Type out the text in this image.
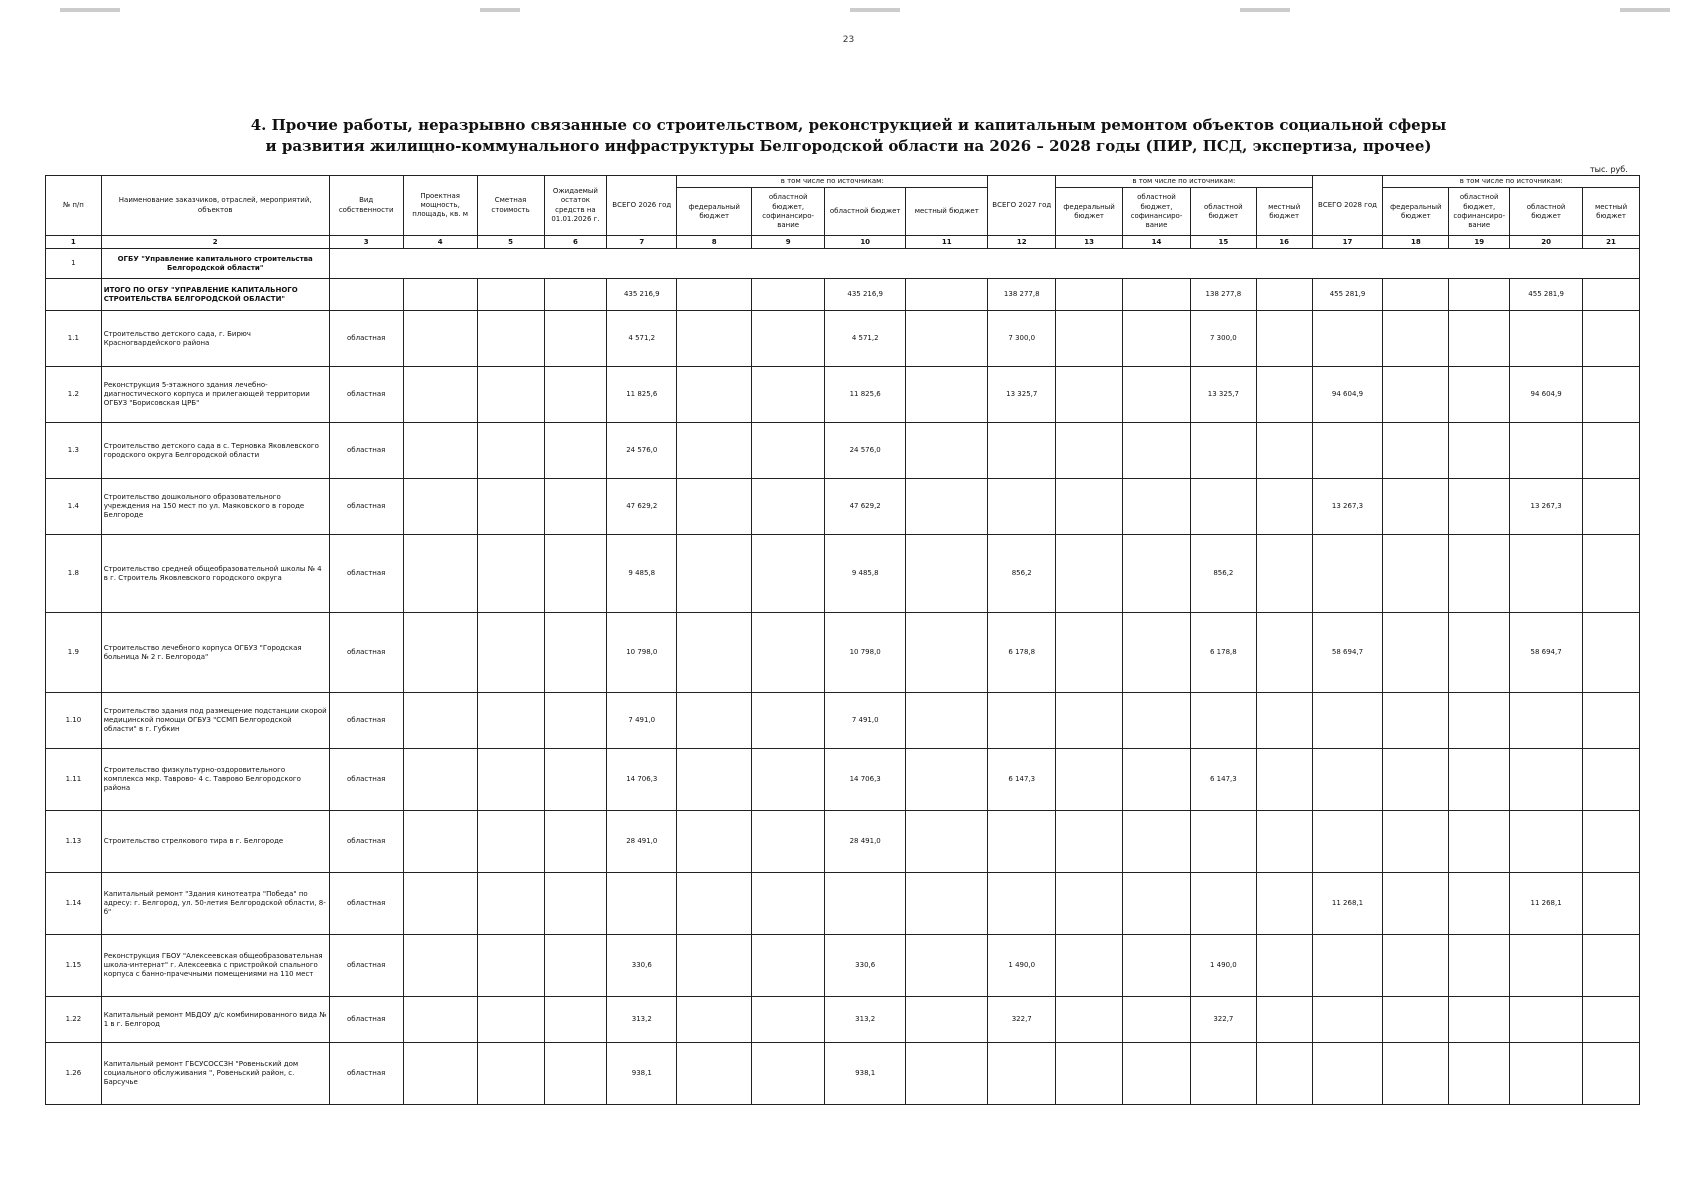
23
4. Прочие работы, неразрывно связанные со строительством, реконструкцией и капитальным ремонтом объектов социальной сферы
и развития жилищно-коммунального инфраструктуры Белгородской области на 2026 – 2028 годы (ПИР, ПСД, экспертиза, прочее)
тыс. руб.
№ п/п	Наименование заказчиков, отраслей, мероприятий, объектов	Вид собственности	Проектная мощность, площадь, кв. м	Сметная стоимость	Ожидаемый остаток средств на 01.01.2026 г.	ВСЕГО 2026 год	в том числе по источникам:				ВСЕГО 2027 год	в том числе по источникам:				ВСЕГО 2028 год	в том числе по источникам:			
							федеральный бюджет	областной бюджет, софинансиро-вание	областной бюджет	местный бюджет		федеральный бюджет	областной бюджет, софинансиро-вание	областной бюджет	местный бюджет		федеральный бюджет	областной бюджет, софинансиро-вание	областной бюджет	местный бюджет
1	2	3	4	5	6	7	8	9	10	11	12	13	14	15	16	17	18	19	20	21
1	ОГБУ "Управление капитального строительства Белгородской области"																			
	ИТОГО ПО ОГБУ "УПРАВЛЕНИЕ КАПИТАЛЬНОГО СТРОИТЕЛЬСТВА БЕЛГОРОДСКОЙ ОБЛАСТИ"					435 216,9			435 216,9		138 277,8			138 277,8		455 281,9			455 281,9	
1.1	Строительство детского сада, г. Бирюч Красногвардейского района	областная				4 571,2			4 571,2		7 300,0			7 300,0						
1.2	Реконструкция 5-этажного здания лечебно-диагностического корпуса и прилегающей территории ОГБУЗ "Борисовская ЦРБ"	областная				11 825,6			11 825,6		13 325,7			13 325,7		94 604,9			94 604,9	
1.3	Строительство детского сада в с. Терновка Яковлевского городского округа Белгородской области	областная				24 576,0			24 576,0											
1.4	Строительство дошкольного образовательного учреждения на 150 мест по ул. Маяковского в городе Белгороде	областная				47 629,2			47 629,2							13 267,3			13 267,3	
1.8	Строительство средней общеобразовательной школы № 4 в г. Строитель Яковлевского городского округа	областная				9 485,8			9 485,8		856,2			856,2						
1.9	Строительство лечебного корпуса ОГБУЗ "Городская больница № 2 г. Белгорода"	областная				10 798,0			10 798,0		6 178,8			6 178,8		58 694,7			58 694,7	
1.10	Строительство здания под размещение подстанции скорой медицинской помощи ОГБУЗ "ССМП Белгородской области" в г. Губкин	областная				7 491,0			7 491,0											
1.11	Строительство физкультурно-оздоровительного комплекса мкр. Таврово- 4 с. Таврово Белгородского района	областная				14 706,3			14 706,3		6 147,3			6 147,3						
1.13	Строительство стрелкового тира в г. Белгороде	областная				28 491,0			28 491,0											
1.14	Капитальный ремонт "Здания кинотеатра "Победа" по адресу: г. Белгород, ул. 50-летия Белгородской области, 8-б"	областная														11 268,1			11 268,1	
1.15	Реконструкция ГБОУ "Алексеевская общеобразовательная школа-интернат" г. Алексеевка с пристройкой спального корпуса с банно-прачечными помещениями на 110 мест	областная				330,6			330,6		1 490,0			1 490,0						
1.22	Капитальный ремонт МБДОУ д/с комбинированного вида № 1 в г. Белгород	областная				313,2			313,2		322,7			322,7						
1.26	Капитальный ремонт ГБСУСОССЗН "Ровеньский дом социального обслуживания ", Ровеньский район, с. Барсучье	областная				938,1			938,1											
